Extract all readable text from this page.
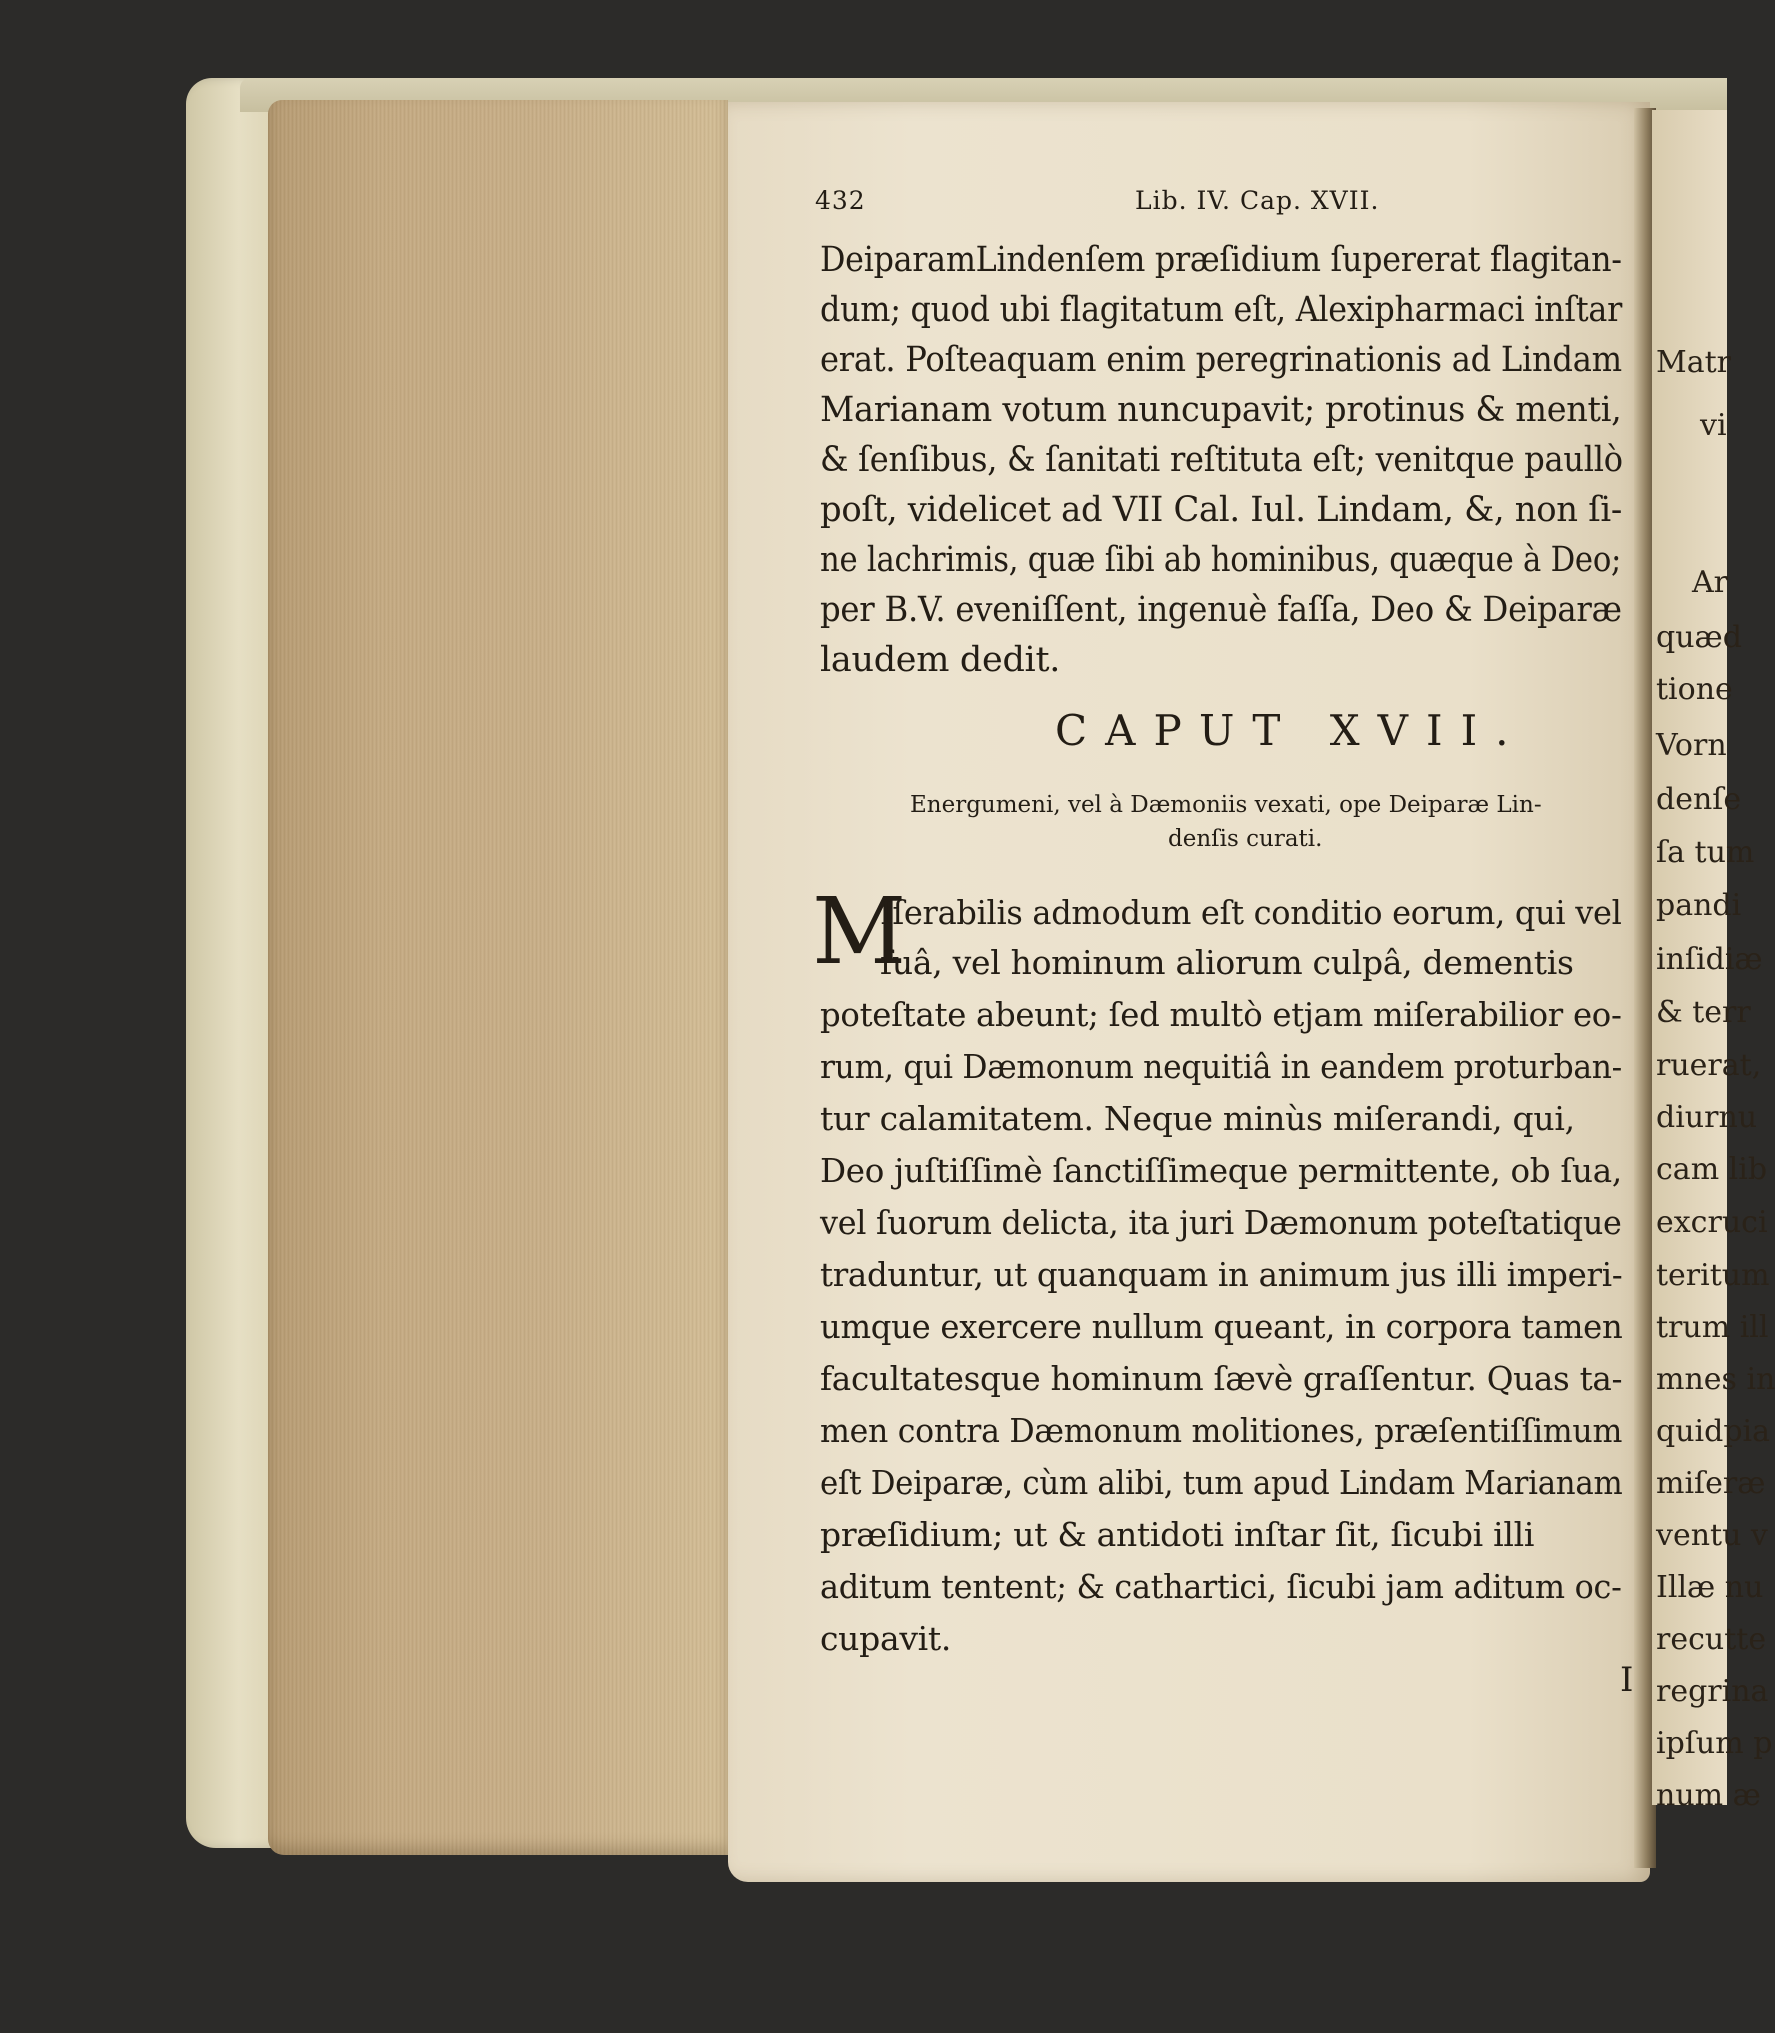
Matr
vi
Ar
quæd
tione
Vorn
denſe
ſa tum
pandi
inſidiæ
& terr
ruerat,
diurnu
cam lib
excruci
teritum
trum ill
mnes in
quidpia
miſeræ
ventu v
Illæ nu
recutte
regrina
ipſum p
num æ
432	Lib. IV. Cap. XVII.
DeiparamLindenſem præſidium ſupererat flagitan-
dum; quod ubi flagitatum eſt, Alexipharmaci inſtar
erat. Poſteaquam enim peregrinationis ad Lindam
Marianam votum nuncupavit; protinus & menti,
& ſenſibus, & ſanitati reſtituta eſt; venitque paullò
poſt, videlicet ad VII Cal. Iul. Lindam, &, non ſi-
ne lachrimis, quæ ſibi ab hominibus, quæque à Deo;
per B.V. eveniſſent, ingenuè faſſa, Deo & Deiparæ
laudem dedit.
CAPUT XVII.
Energumeni, vel à Dæmoniis vexati, ope Deiparæ Lin-
denſis curati.
M
Iſerabilis admodum eſt conditio eorum, qui vel
ſuâ, vel hominum aliorum culpâ, dementis
poteſtate abeunt; ſed multò etjam miſerabilior eo-
rum, qui Dæmonum nequitiâ in eandem proturban-
tur calamitatem. Neque minùs miſerandi, qui,
Deo juſtiſſimè ſanctiſſimeque permittente, ob ſua,
vel ſuorum delicta, ita juri Dæmonum poteſtatique
traduntur, ut quanquam in animum jus illi imperi-
umque exercere nullum queant, in corpora tamen
facultatesque hominum ſævè graſſentur. Quas ta-
men contra Dæmonum molitiones, præſentiſſimum
eſt Deiparæ, cùm alibi, tum apud Lindam Marianam
præſidium; ut & antidoti inſtar ſit, ſicubi illi
aditum tentent; & cathartici, ſicubi jam aditum oc-
cupavit.
I
